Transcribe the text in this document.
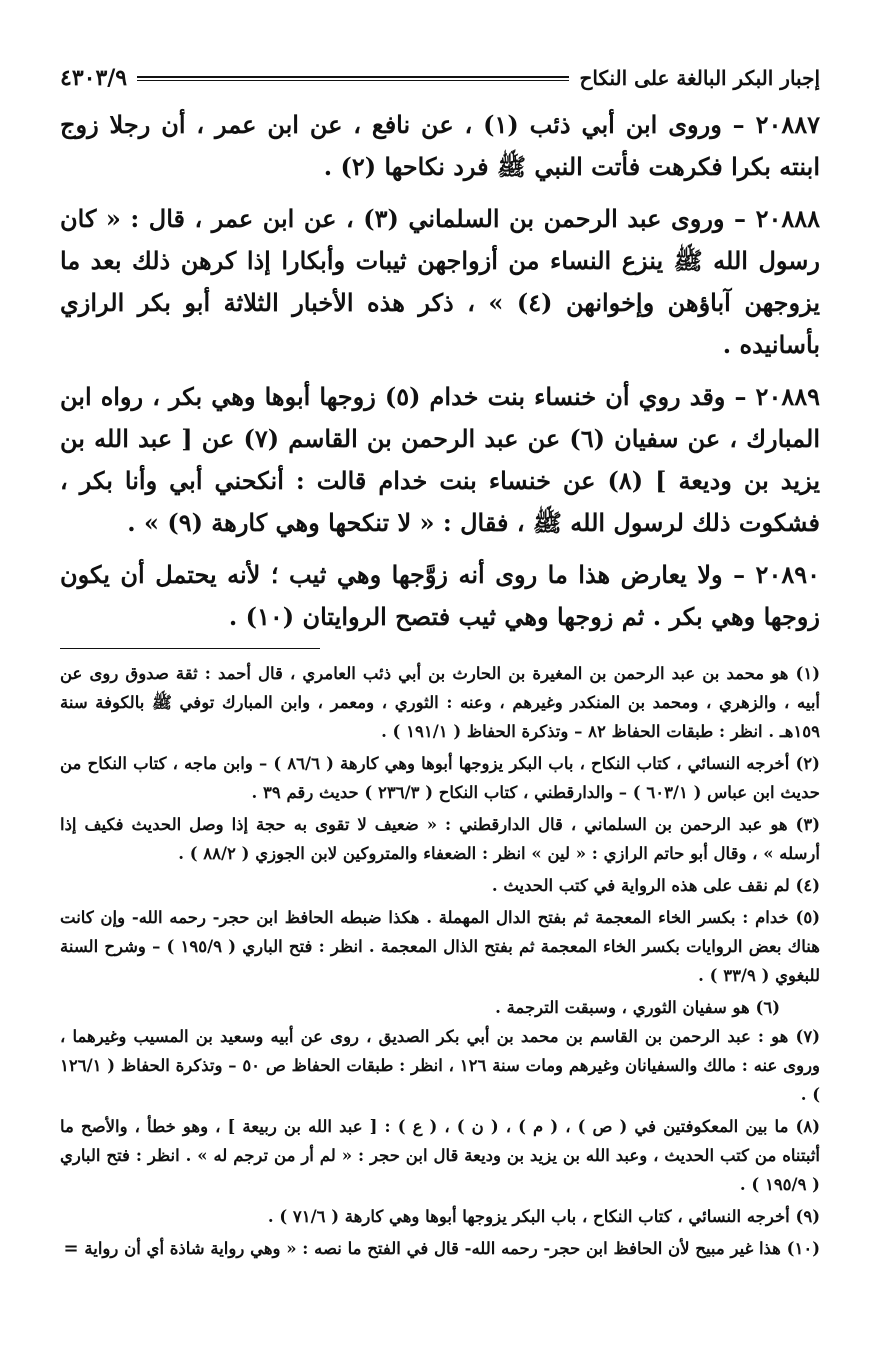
إجبار البكر البالغة على النكاح
٤٣٠٣/٩

٢٠٨٨٧ – وروى ابن أبي ذئب (١) ، عن نافع ، عن ابن عمر ، أن رجلا زوج ابنته بكرا فكرهت فأتت النبي ﷺ فرد نكاحها (٢) .

٢٠٨٨٨ – وروى عبد الرحمن بن السلماني (٣) ، عن ابن عمر ، قال : « كان رسول الله ﷺ ينزع النساء من أزواجهن ثيبات وأبكارا إذا كرهن ذلك بعد ما يزوجهن آباؤهن وإخوانهن (٤) » ، ذكر هذه الأخبار الثلاثة أبو بكر الرازي بأسانيده .

٢٠٨٨٩ – وقد روي أن خنساء بنت خدام (٥) زوجها أبوها وهي بكر ، رواه ابن المبارك ، عن سفيان (٦) عن عبد الرحمن بن القاسم (٧) عن [ عبد الله بن يزيد بن وديعة ] (٨) عن خنساء بنت خدام قالت : أنكحني أبي وأنا بكر ، فشكوت ذلك لرسول الله ﷺ ، فقال : « لا تنكحها وهي كارهة (٩) » .

٢٠٨٩٠ – ولا يعارض هذا ما روى أنه زوَّجها وهي ثيب ؛ لأنه يحتمل أن يكون زوجها وهي بكر . ثم زوجها وهي ثيب فتصح الروايتان (١٠) .

(١) هو محمد بن عبد الرحمن بن المغيرة بن الحارث بن أبي ذئب العامري ، قال أحمد : ثقة صدوق روى عن أبيه ، والزهري ، ومحمد بن المنكدر وغيرهم ، وعنه : الثوري ، ومعمر ، وابن المبارك توفي ﷺ بالكوفة سنة ١٥٩هـ . انظر : طبقات الحفاظ ٨٢ – وتذكرة الحفاظ ( ١٩١/١ ) .

(٢) أخرجه النسائي ، كتاب النكاح ، باب البكر يزوجها أبوها وهي كارهة ( ٨٦/٦ ) – وابن ماجه ، كتاب النكاح من حديث ابن عباس ( ٦٠٣/١ ) – والدارقطني ، كتاب النكاح ( ٢٣٦/٣ ) حديث رقم ٣٩ .

(٣) هو عبد الرحمن بن السلماني ، قال الدارقطني : « ضعيف لا تقوى به حجة إذا وصل الحديث فكيف إذا أرسله » ، وقال أبو حاتم الرازي : « لين » انظر : الضعفاء والمتروكين لابن الجوزي ( ٨٨/٢ ) .

(٤) لم نقف على هذه الرواية في كتب الحديث .

(٥) خدام : بكسر الخاء المعجمة ثم بفتح الدال المهملة . هكذا ضبطه الحافظ ابن حجر- رحمه الله- وإن كانت هناك بعض الروايات بكسر الخاء المعجمة ثم بفتح الذال المعجمة . انظر : فتح الباري ( ١٩٥/٩ ) – وشرح السنة للبغوي ( ٣٣/٩ ) .

(٦) هو سفيان الثوري ، وسبقت الترجمة .

(٧) هو : عبد الرحمن بن القاسم بن محمد بن أبي بكر الصديق ، روى عن أبيه وسعيد بن المسيب وغيرهما ، وروى عنه : مالك والسفيانان وغيرهم ومات سنة ١٢٦ ، انظر : طبقات الحفاظ ص ٥٠ – وتذكرة الحفاظ ( ١٢٦/١ ) .

(٨) ما بين المعكوفتين في ( ص ) ، ( م ) ، ( ن ) ، ( ع ) : [ عبد الله بن ربيعة ] ، وهو خطأ ، والأصح ما أثبتناه من كتب الحديث ، وعبد الله بن يزيد بن وديعة قال ابن حجر : « لم أر من ترجم له » . انظر : فتح الباري ( ١٩٥/٩ ) .

(٩) أخرجه النسائي ، كتاب النكاح ، باب البكر يزوجها أبوها وهي كارهة ( ٧١/٦ ) .

(١٠) هذا غير مبيح لأن الحافظ ابن حجر- رحمه الله- قال في الفتح ما نصه : « وهي رواية شاذة أي أن رواية =
